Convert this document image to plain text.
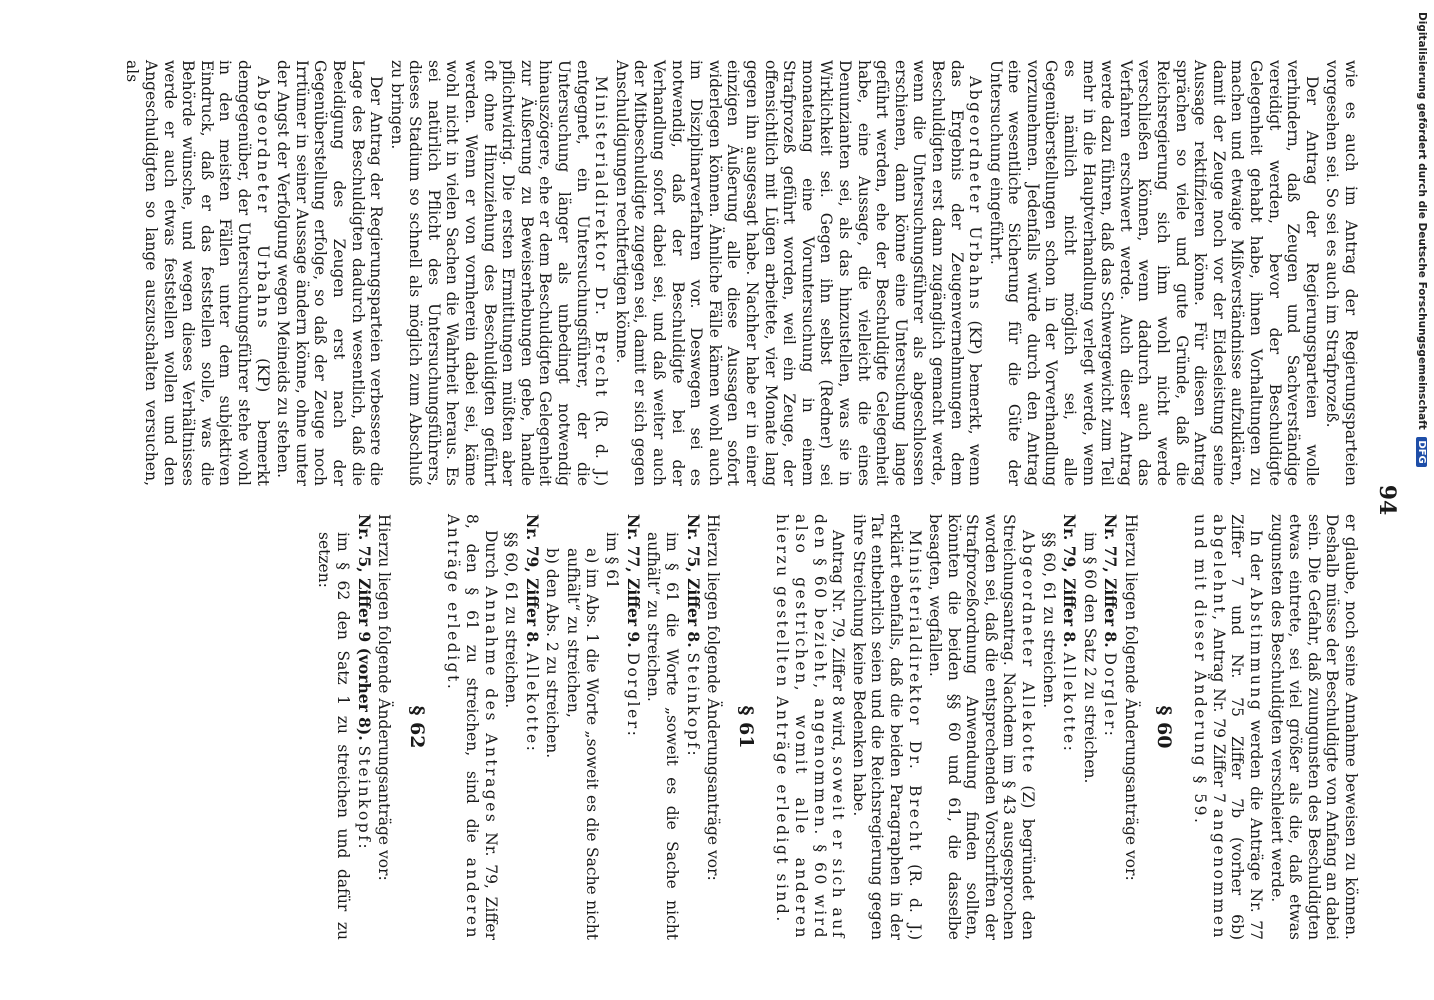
94

wie es auch im Antrag der Regierungsparteien vorgesehen sei. So sei es auch im Strafprozeß.

Der Antrag der Regierungsparteien wolle verhindern, daß Zeugen und Sachverständige vereidigt werden, bevor der Beschuldigte Gelegenheit gehabt habe, ihnen Vorhaltungen zu machen und etwaige Mißverständnisse aufzuklären, damit der Zeuge noch vor der Eidesleistung seine Aussage rektifizieren könne. Für diesen Antrag sprächen so viele und gute Gründe, daß die Reichsregierung sich ihm wohl nicht werde verschließen können, wenn dadurch auch das Verfahren erschwert werde. Auch dieser Antrag werde dazu führen, daß das Schwergewicht zum Teil mehr in die Hauptverhandlung verlegt werde, wenn es nämlich nicht möglich sei, alle Gegenüberstellungen schon in der Vorverhandlung vorzunehmen. Jedenfalls würde durch den Antrag eine wesentliche Sicherung für die Güte der Untersuchung eingeführt.

Abgeordneter Urbahns (KP) bemerkt, wenn das Ergebnis der Zeugenvernehmungen dem Beschuldigten erst dann zugänglich gemacht werde, wenn die Untersuchungsführer als abgeschlossen erschienen, dann könne eine Untersuchung lange geführt werden, ehe der Beschuldigte Gelegenheit habe, eine Aussage, die vielleicht die eines Denunzianten sei, als das hinzustellen, was sie in Wirklichkeit sei. Gegen ihn selbst (Redner) sei monatelang eine Voruntersuchung in einem Strafprozeß geführt worden, weil ein Zeuge, der offensichtlich mit Lügen arbeitete, vier Monate lang gegen ihn ausgesagt habe. Nachher habe er in einer einzigen Äußerung alle diese Aussagen sofort widerlegen können. Ähnliche Fälle kämen wohl auch im Disziplinarverfahren vor. Deswegen sei es notwendig, daß der Beschuldigte bei der Verhandlung sofort dabei sei, und daß weiter auch der Mitbeschuldigte zugegen sei, damit er sich gegen Anschuldigungen rechtfertigen könne.

Ministerialdirektor Dr. Brecht (R. d. J.) entgegnet, ein Untersuchungsführer, der die Untersuchung länger als unbedingt notwendig hinauszögere, ehe er dem Beschuldigten Gelegenheit zur Äußerung zu Beweiserhebungen gebe, handle pflichtwidrig. Die ersten Ermittlungen müßten aber oft ohne Hinzuziehung des Beschuldigten geführt werden. Wenn er von vornherein dabei sei, käme wohl nicht in vielen Sachen die Wahrheit heraus. Es sei natürlich Pflicht des Untersuchungsführers, dieses Stadium so schnell als möglich zum Abschluß zu bringen.

Der Antrag der Regierungsparteien verbessere die Lage des Beschuldigten dadurch wesentlich, daß die Beeidigung des Zeugen erst nach der Gegenüberstellung erfolge, so daß der Zeuge noch Irrtümer in seiner Aussage ändern könne, ohne unter der Angst der Verfolgung wegen Meineids zu stehen.

Abgeordneter Urbahns (KP) bemerkt demgegenüber, der Untersuchungsführer stehe wohl in den meisten Fällen unter dem subjektiven Eindruck, daß er das feststellen solle, was die Behörde wünsche, und wegen dieses Verhältnisses werde er auch etwas feststellen wollen und den Angeschuldigten so lange auszuschalten versuchen, als

er glaube, noch seine Annahme beweisen zu können. Deshalb müsse der Beschuldigte von Anfang an dabei sein. Die Gefahr, daß zuungunsten des Beschuldigten etwas eintrete, sei viel größer als die, daß etwas zugunsten des Beschuldigten verschleiert werde.

In der Abstimmung werden die Anträge Nr. 77 Ziffer 7 und Nr. 75 Ziffer 7b (vorher 6b) abgelehnt, Antrag Nr. 79 Ziffer 7 angenommen und mit dieser Änderung § 59.

§ 60

Hierzu liegen folgende Änderungsanträge vor:

Nr. 77, Ziffer 8. Dorgler:

im § 60 den Satz 2 zu streichen.

Nr. 79, Ziffer 8. Allekotte:

§§ 60, 61 zu streichen.

Abgeordneter Allekotte (Z) begründet den Streichungsantrag. Nachdem im § 43 ausgesprochen worden sei, daß die entsprechenden Vorschriften der Strafprozeßordnung Anwendung finden sollten, könnten die beiden §§ 60 und 61, die dasselbe besagten, wegfallen.

Ministerialdirektor Dr. Brecht (R. d. J.) erklärt ebenfalls, daß die beiden Paragraphen in der Tat entbehrlich seien und die Reichsregierung gegen ihre Streichung keine Bedenken habe.

Antrag Nr. 79, Ziffer 8 wird, soweit er sich auf den § 60 bezieht, angenommen. § 60 wird also gestrichen, womit alle anderen hierzu gestellten Anträge erledigt sind.

§ 61

Hierzu liegen folgende Änderungsanträge vor:

Nr. 75, Ziffer 8. Steinkopf:

im § 61 die Worte „soweit es die Sache nicht aufhält“ zu streichen.

Nr. 77, Ziffer 9. Dorgler:

im § 61

a) im Abs. 1 die Worte „soweit es die Sache nicht aufhält“ zu streichen,

b) den Abs. 2 zu streichen.

Nr. 79, Ziffer 8. Allekotte:

§§ 60, 61 zu streichen.

Durch Annahme des Antrages Nr. 79, Ziffer 8, den § 61 zu streichen, sind die anderen Anträge erledigt.

§ 62

Hierzu liegen folgende Änderungsanträge vor:

Nr. 75, Ziffer 9 (vorher 8). Steinkopf:

im § 62 den Satz 1 zu streichen und dafür zu setzen:

Digitalisierung gefördert durch die Deutsche Forschungsgemeinschaft DFG
